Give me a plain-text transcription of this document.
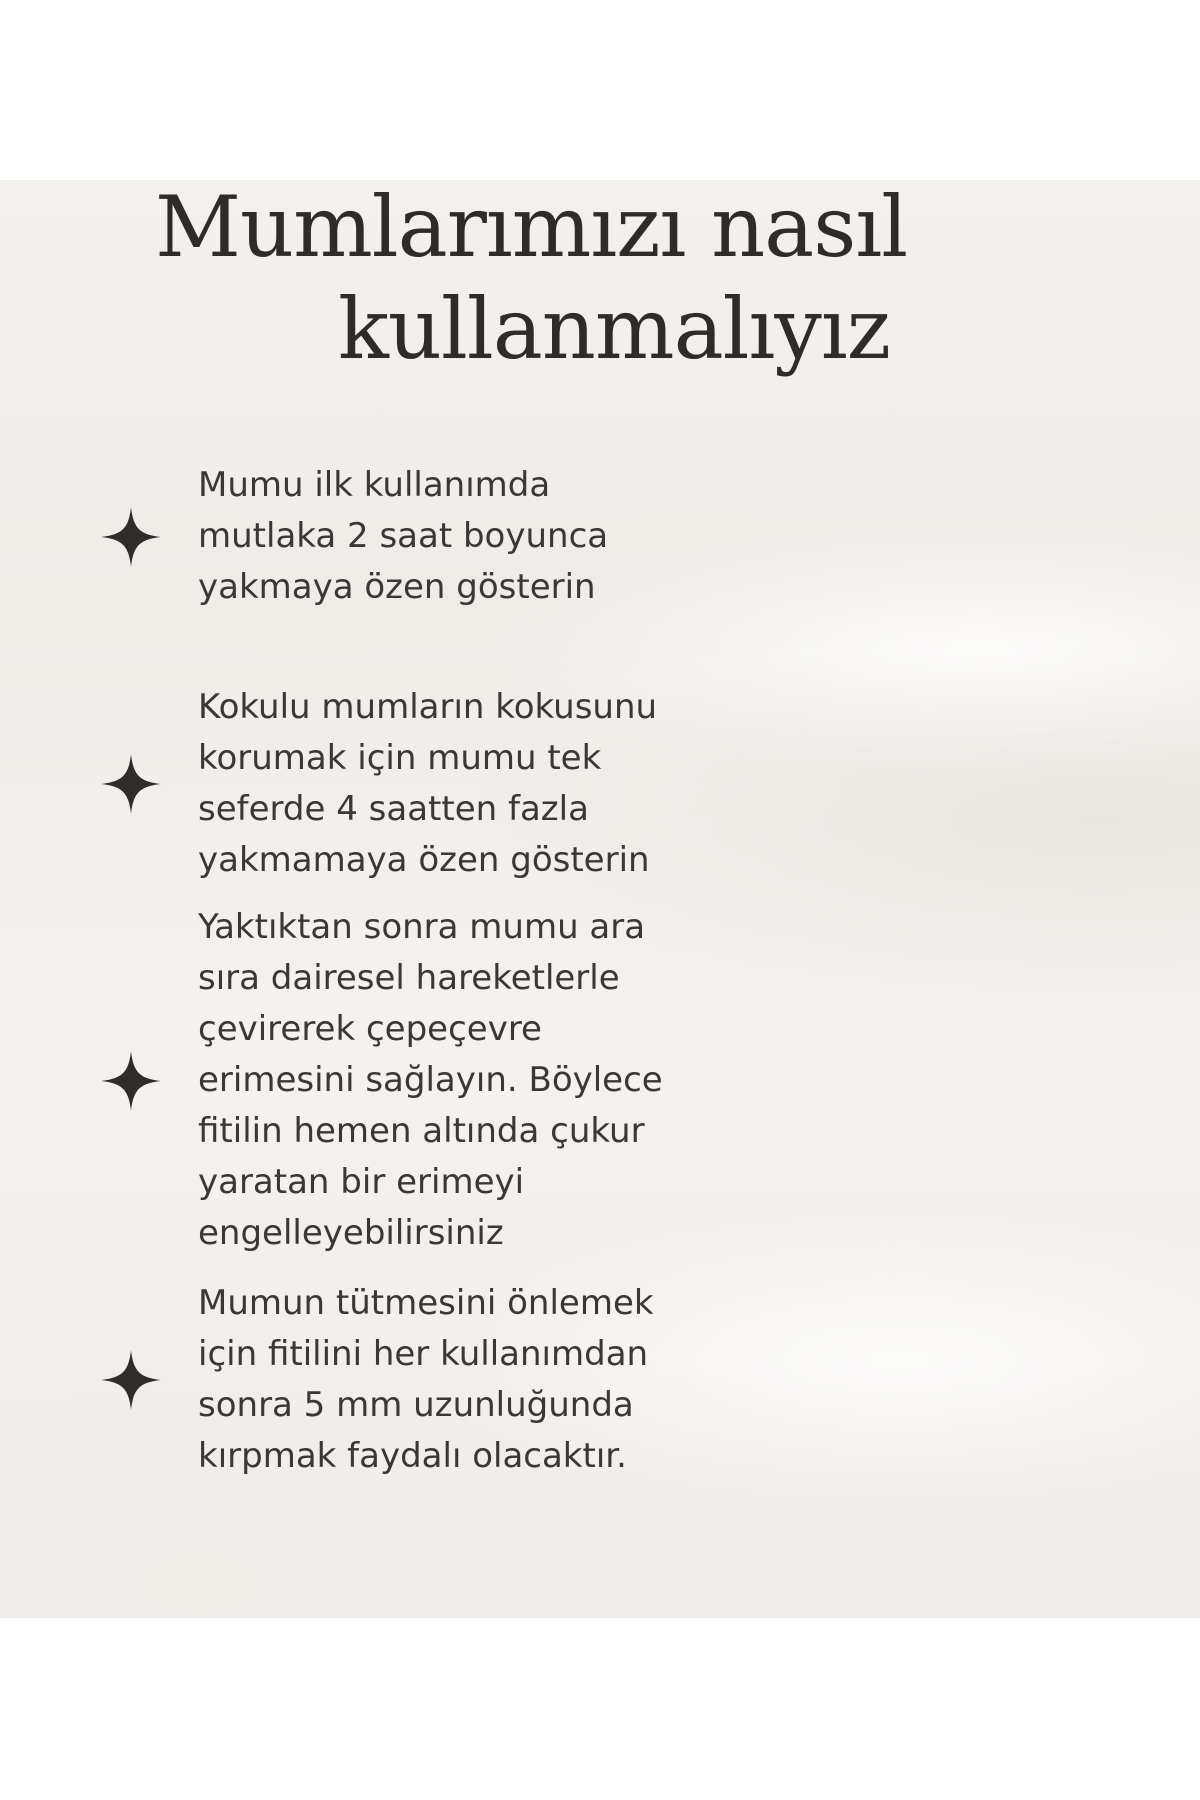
Mumlarımızı nasıl
kullanmalıyız

Mumu ilk kullanımda
mutlaka 2 saat boyunca
yakmaya özen gösterin

Kokulu mumların kokusunu
korumak için mumu tek
seferde 4 saatten fazla
yakmamaya özen gösterin

Yaktıktan sonra mumu ara
sıra dairesel hareketlerle
çevirerek çepeçevre
erimesini sağlayın. Böylece
fitilin hemen altında çukur
yaratan bir erimeyi
engelleyebilirsiniz

Mumun tütmesini önlemek
için fitilini her kullanımdan
sonra 5 mm uzunluğunda
kırpmak faydalı olacaktır.
